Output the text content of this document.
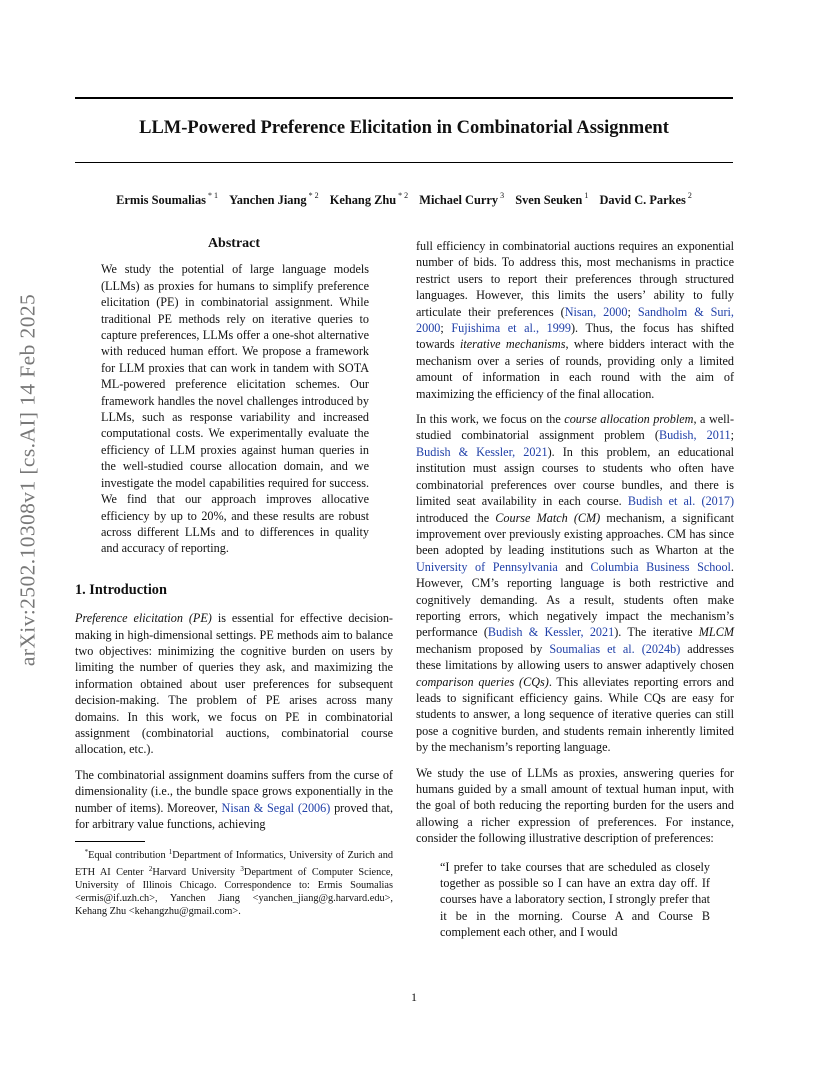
arXiv:2502.10308v1 [cs.AI] 14 Feb 2025
LLM-Powered Preference Elicitation in Combinatorial Assignment
Ermis Soumalias $^{* 1}$ Yanchen Jiang $^{* 2}$ Kehang Zhu $^{* 2}$ Michael Curry $^3$ Sven Seuken $^1$ David C. Parkes $^2$
Abstract

We study the potential of large language models (LLMs) as proxies for humans to simplify preference elicitation (PE) in combinatorial assignment. While traditional PE methods rely on iterative queries to capture preferences, LLMs offer a one-shot alternative with reduced human effort. We propose a framework for LLM proxies that can work in tandem with SOTA ML-powered preference elicitation schemes. Our framework handles the novel challenges introduced by LLMs, such as response variability and increased computational costs. We experimentally evaluate the efficiency of LLM proxies against human queries in the well-studied course allocation domain, and we investigate the model capabilities required for success. We find that our approach improves allocative efficiency by up to 20%, and these results are robust across different LLMs and to differences in quality and accuracy of reporting.

1. Introduction

Preference elicitation (PE) is essential for effective decision-making in high-dimensional settings. PE methods aim to balance two objectives: minimizing the cognitive burden on users by limiting the number of queries they ask, and maximizing the information obtained about user preferences for subsequent decision-making. The problem of PE arises across many domains. In this work, we focus on PE in combinatorial assignment (combinatorial auctions, combinatorial course allocation, etc.).

The combinatorial assignment doamins suffers from the curse of dimensionality (i.e., the bundle space grows exponentially in the number of items). Moreover, Nisan & Segal (2006) proved that, for arbitrary value functions, achieving

*Equal contribution $^1$Department of Informatics, University of Zurich and ETH AI Center $^2$Harvard University $^3$Department of Computer Science, University of Illinois Chicago. Correspondence to: Ermis Soumalias <ermis@if.uzh.ch>, Yanchen Jiang <yanchen_jiang@g.harvard.edu>, Kehang Zhu <kehangzhu@gmail.com>.

full efficiency in combinatorial auctions requires an exponential number of bids. To address this, most mechanisms in practice restrict users to report their preferences through structured languages. However, this limits the users’ ability to fully articulate their preferences (Nisan, 2000; Sandholm & Suri, 2000; Fujishima et al., 1999). Thus, the focus has shifted towards iterative mechanisms, where bidders interact with the mechanism over a series of rounds, providing only a limited amount of information in each round with the aim of maximizing the efficiency of the final allocation.

In this work, we focus on the course allocation problem, a well-studied combinatorial assignment problem (Budish, 2011; Budish & Kessler, 2021). In this problem, an educational institution must assign courses to students who often have combinatorial preferences over course bundles, and there is limited seat availability in each course. Budish et al. (2017) introduced the Course Match (CM) mechanism, a significant improvement over previously existing approaches. CM has since been adopted by leading institutions such as Wharton at the University of Pennsylvania and Columbia Business School. However, CM’s reporting language is both restrictive and cognitively demanding. As a result, students often make reporting errors, which negatively impact the mechanism’s performance (Budish & Kessler, 2021). The iterative MLCM mechanism proposed by Soumalias et al. (2024b) addresses these limitations by allowing users to answer adaptively chosen comparison queries (CQs). This alleviates reporting errors and leads to significant efficiency gains. While CQs are easy for students to answer, a long sequence of iterative queries can still pose a cognitive burden, and students remain inherently limited by the mechanism’s reporting language.

We study the use of LLMs as proxies, answering queries for humans guided by a small amount of textual human input, with the goal of both reducing the reporting burden for the users and allowing a richer expression of preferences. For instance, consider the following illustrative description of preferences:

“I prefer to take courses that are scheduled as closely together as possible so I can have an extra day off. If courses have a laboratory section, I strongly prefer that it be in the morning. Course A and Course B complement each other, and I would

1
